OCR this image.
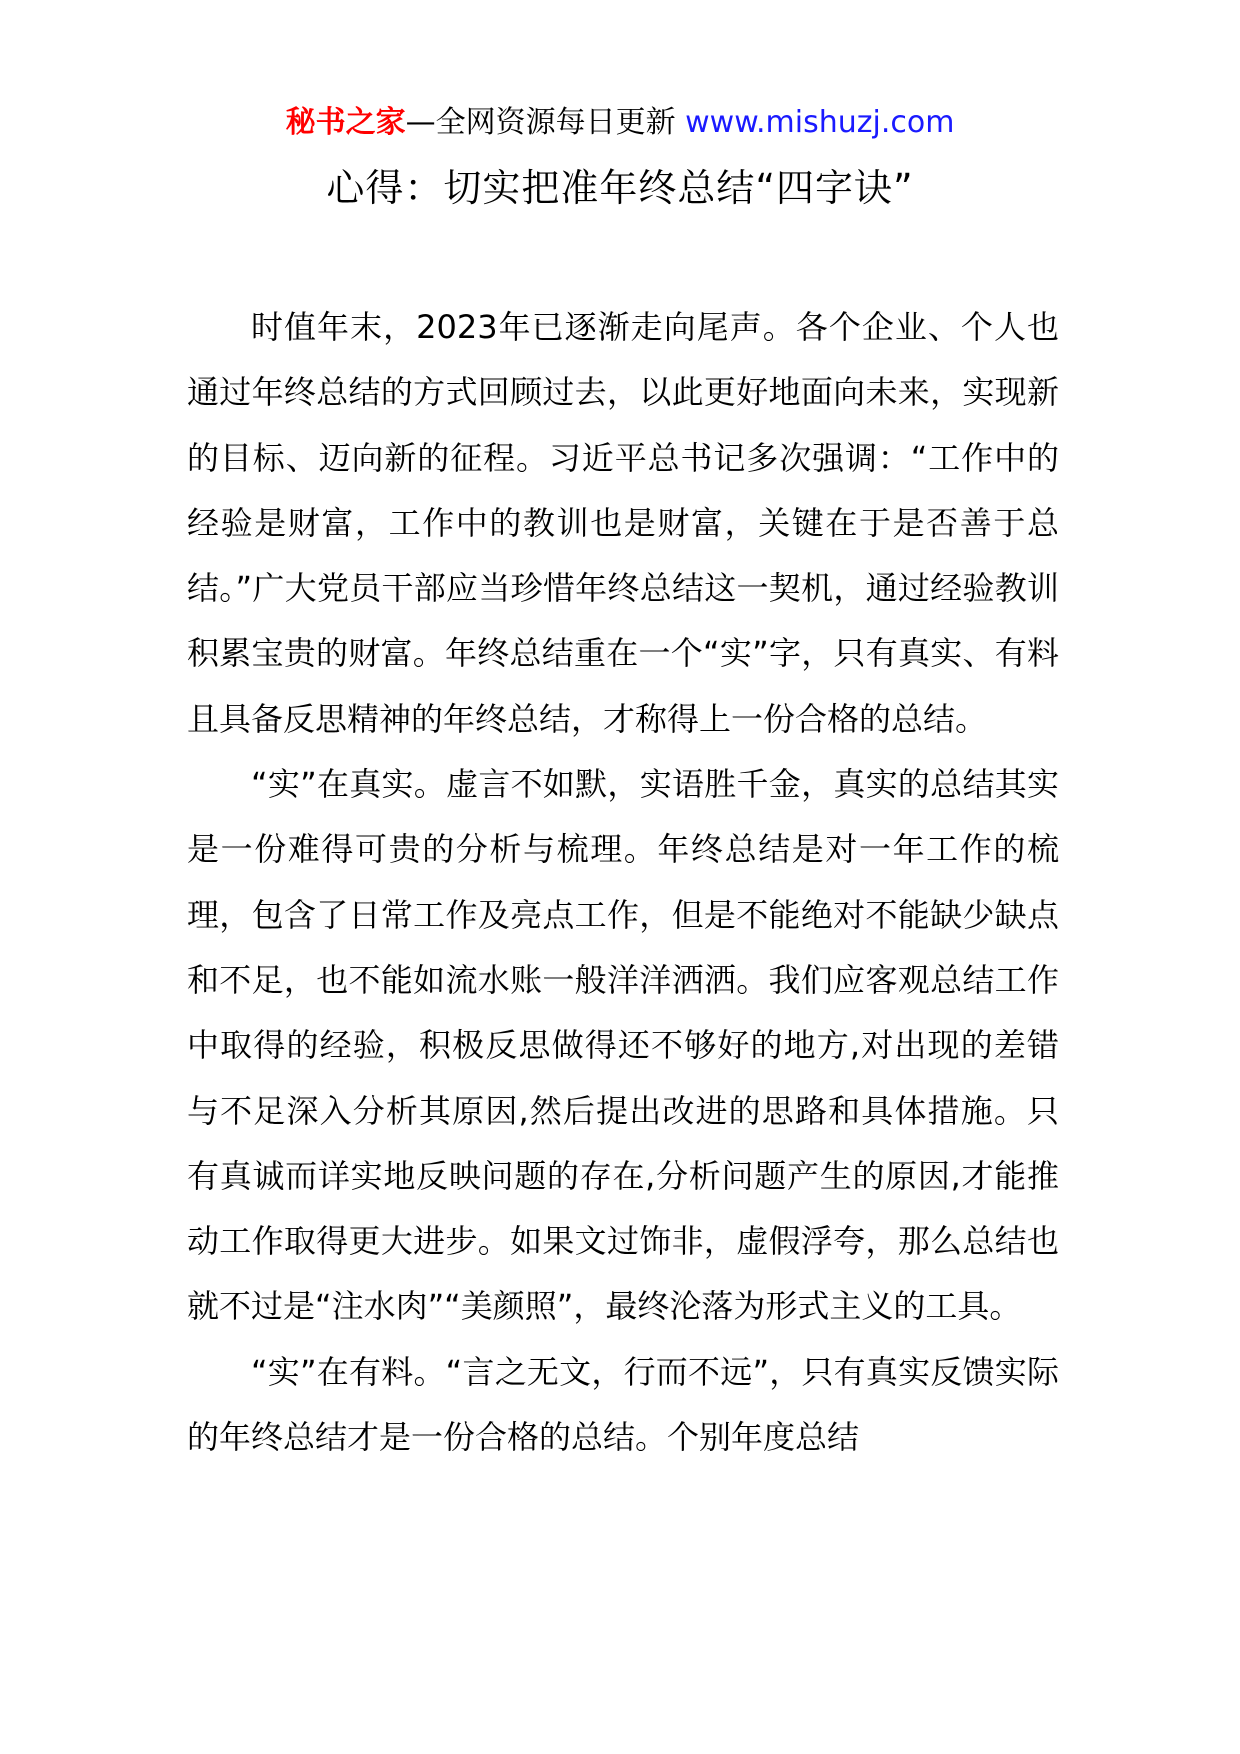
秘书之家—全网资源每日更新 www.mishuzj.com
心得：切实把准年终总结“四字诀”

时值年末，2023年已逐渐走向尾声。各个企业、个人也通过年终总结的方式回顾过去，以此更好地面向未来，实现新的目标、迈向新的征程。习近平总书记多次强调：“工作中的经验是财富，工作中的教训也是财富，关键在于是否善于总结。”广大党员干部应当珍惜年终总结这一契机，通过经验教训积累宝贵的财富。年终总结重在一个“实”字，只有真实、有料且具备反思精神的年终总结，才称得上一份合格的总结。

“实”在真实。虚言不如默，实语胜千金，真实的总结其实是一份难得可贵的分析与梳理。年终总结是对一年工作的梳理，包含了日常工作及亮点工作，但是不能绝对不能缺少缺点和不足，也不能如流水账一般洋洋洒洒。我们应客观总结工作中取得的经验，积极反思做得还不够好的地方,对出现的差错与不足深入分析其原因,然后提出改进的思路和具体措施。只有真诚而详实地反映问题的存在,分析问题产生的原因,才能推动工作取得更大进步。如果文过饰非，虚假浮夸，那么总结也就不过是“注水肉”“美颜照”，最终沦落为形式主义的工具。

“实”在有料。“言之无文，行而不远”，只有真实反馈实际的年终总结才是一份合格的总结。个别年度总结
